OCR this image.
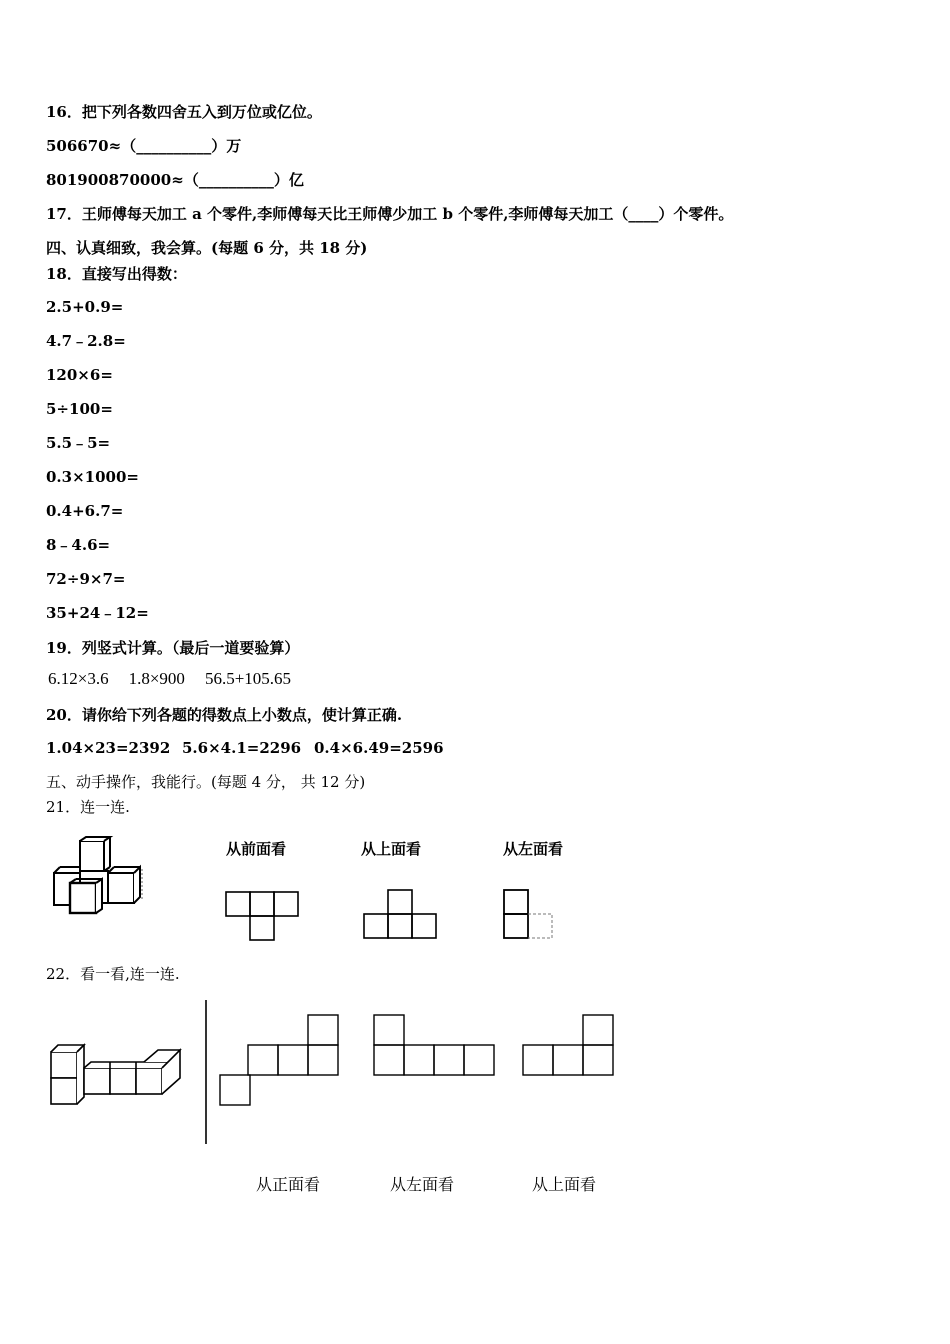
16．把下列各数四舍五入到万位或亿位。
506670≈（__________）万
801900870000≈（__________）亿
17．王师傅每天加工 a 个零件,李师傅每天比王师傅少加工 b 个零件,李师傅每天加工（____）个零件。
四、认真细致，我会算。(每题 6 分，共 18 分)
18．直接写出得数：
2.5+0.9=
4.7﹣2.8=
120×6=
5÷100=
5.5﹣5=
0.3×1000=
0.4+6.7=
8﹣4.6=
72÷9×7=
35+24﹣12=
19．列竖式计算。（最后一道要验算）
6.12×3.6 1.8×900 56.5+105.65
20．请你给下列各题的得数点上小数点，使计算正确.
1.04×23=2392 5.6×4.1=2296 0.4×6.49=2596
五、动手操作，我能行。(每题 4 分， 共 12 分)
21．连一连.
从前面看	从上面看	从左面看
22．看一看,连一连.
从正面看	从左面看	从上面看
